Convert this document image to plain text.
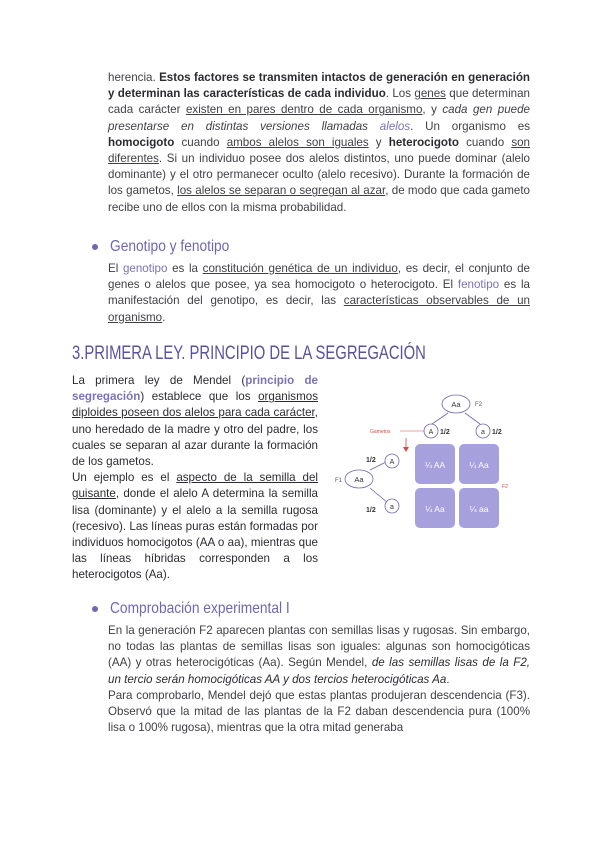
herencia. Estos factores se transmiten intactos de generación en generación y determinan las características de cada individuo. Los genes que determinan cada carácter existen en pares dentro de cada organismo, y cada gen puede presentarse en distintas versiones llamadas alelos. Un organismo es homocigoto cuando ambos alelos son iguales y heterocigoto cuando son diferentes. Si un individuo posee dos alelos distintos, uno puede dominar (alelo dominante) y el otro permanecer oculto (alelo recesivo). Durante la formación de los gametos, los alelos se separan o segregan al azar, de modo que cada gameto recibe uno de ellos con la misma probabilidad.

Genotipo y fenotipo

El genotipo es la constitución genética de un individuo, es decir, el conjunto de genes o alelos que posee, ya sea homocigoto o heterocigoto. El fenotipo es la manifestación del genotipo, es decir, las características observables de un organismo.

3.PRIMERA LEY. PRINCIPIO DE LA SEGREGACIÓN

La primera ley de Mendel (principio de segregación) establece que los organismos diploides poseen dos alelos para cada carácter, uno heredado de la madre y otro del padre, los cuales se separan al azar durante la formación de los gametos.
Un ejemplo es el aspecto de la semilla del guisante, donde el alelo A determina la semilla lisa (dominante) y el alelo a la semilla rugosa (recesivo). Las líneas puras están formadas por individuos homocigotos (AA o aa), mientras que las líneas híbridas corresponden a los heterocigotos (Aa).

Aa F2
Aa
F1
Gametos	A 1/2	a 1/2
A
1/2
a
1/2
¼ AA	¼ Aa
¼ Aa	¼ aa
F2
Comprobación experimental I

En la generación F2 aparecen plantas con semillas lisas y rugosas. Sin embargo, no todas las plantas de semillas lisas son iguales: algunas son homocigóticas (AA) y otras heterocigóticas (Aa). Según Mendel, de las semillas lisas de la F2, un tercio serán homocigóticas AA y dos tercios heterocigóticas Aa.
Para comprobarlo, Mendel dejó que estas plantas produjeran descendencia (F3). Observó que la mitad de las plantas de la F2 daban descendencia pura (100% lisa o 100% rugosa), mientras que la otra mitad generaba
